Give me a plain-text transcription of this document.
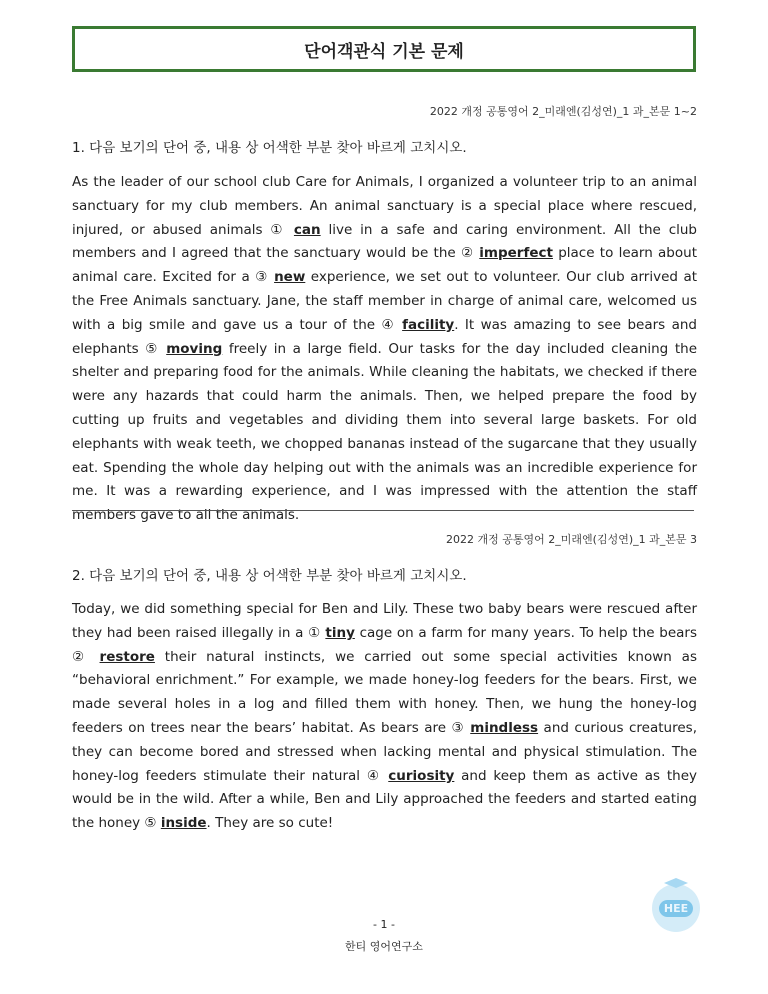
단어객관식 기본 문제
2022 개정 공통영어 2_미래엔(김성연)_1 과_본문 1~2
1. 다음 보기의 단어 중, 내용 상 어색한 부분 찾아 바르게 고치시오.

As the leader of our school club Care for Animals, I organized a volunteer trip to an animal sanctuary for my club members. An animal sanctuary is a special place where rescued, injured, or abused animals ① can live in a safe and caring environment. All the club members and I agreed that the sanctuary would be the ② imperfect place to learn about animal care. Excited for a ③ new experience, we set out to volunteer. Our club arrived at the Free Animals sanctuary. Jane, the staff member in charge of animal care, welcomed us with a big smile and gave us a tour of the ④ facility. It was amazing to see bears and elephants ⑤ moving freely in a large field. Our tasks for the day included cleaning the shelter and preparing food for the animals. While cleaning the habitats, we checked if there were any hazards that could harm the animals. Then, we helped prepare the food by cutting up fruits and vegetables and dividing them into several large baskets. For old elephants with weak teeth, we chopped bananas instead of the sugarcane that they usually eat. Spending the whole day helping out with the animals was an incredible experience for me. It was a rewarding experience, and I was impressed with the attention the staff members gave to all the animals.

2022 개정 공통영어 2_미래엔(김성연)_1 과_본문 3
2. 다음 보기의 단어 중, 내용 상 어색한 부분 찾아 바르게 고치시오.

Today, we did something special for Ben and Lily. These two baby bears were rescued after they had been raised illegally in a ① tiny cage on a farm for many years. To help the bears ② restore their natural instincts, we carried out some special activities known as “behavioral enrichment.” For example, we made honey-log feeders for the bears. First, we made several holes in a log and filled them with honey. Then, we hung the honey-log feeders on trees near the bears’ habitat. As bears are ③ mindless and curious creatures, they can become bored and stressed when lacking mental and physical stimulation. The honey-log feeders stimulate their natural ④ curiosity and keep them as active as they would be in the wild. After a while, Ben and Lily approached the feeders and started eating the honey ⑤ inside. They are so cute!

HEE
- 1 -
한티 영어연구소
